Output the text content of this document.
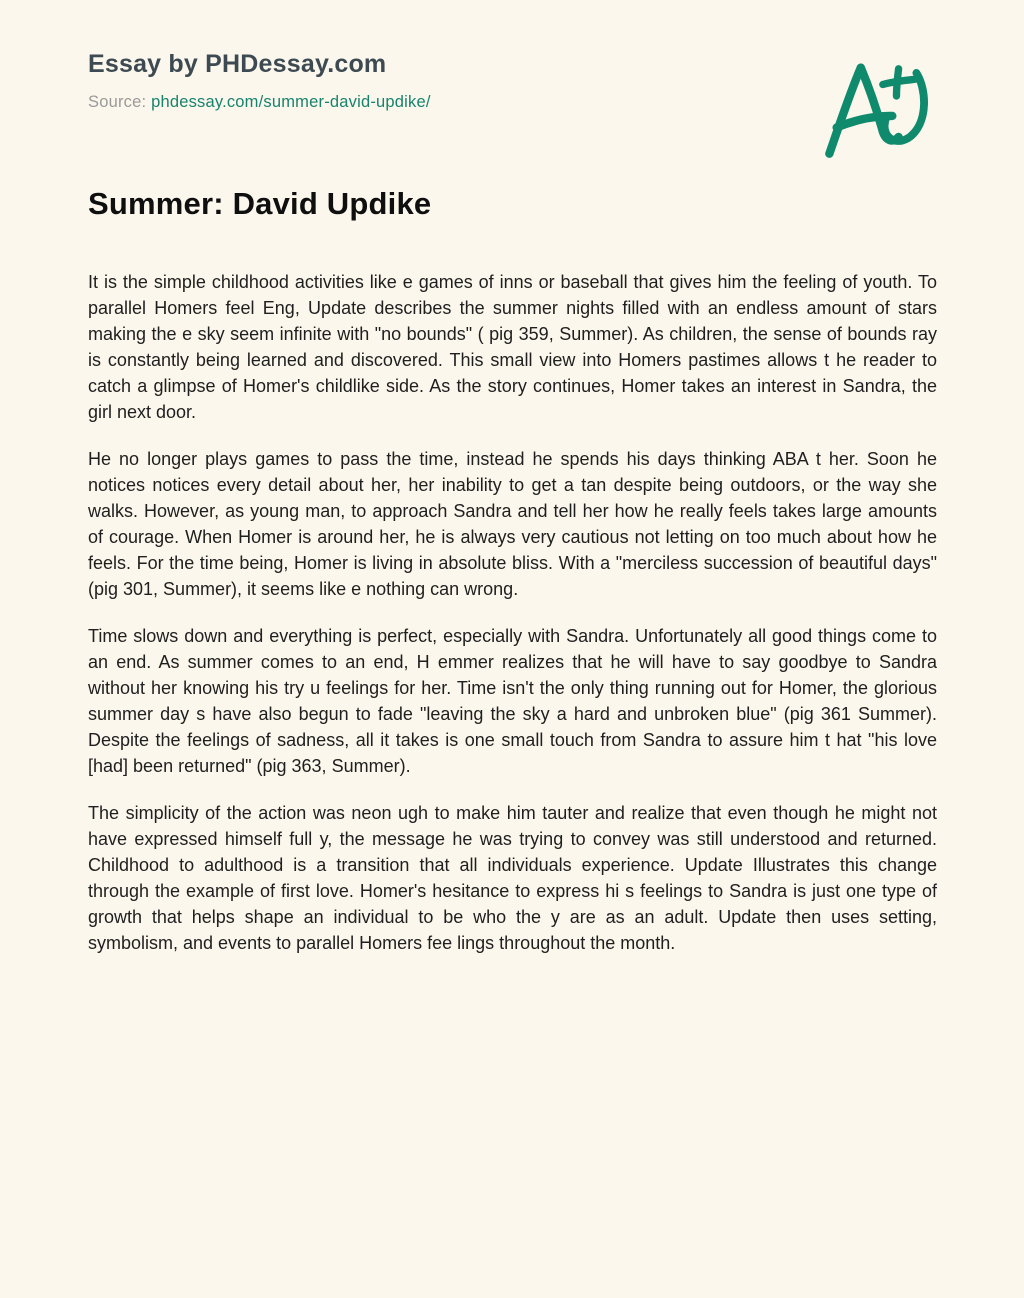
Essay by PHDessay.com
Source: phdessay.com/summer-david-updike/
Summer: David Updike

It is the simple childhood activities like e games of inns or baseball that gives him the feeling of youth. To parallel Homers feel Eng, Update describes the summer nights filled with an endless amount of stars making the e sky seem infinite with "no bounds" ( pig 359, Summer). As children, the sense of bounds ray is constantly being learned and discovered. This small view into Homers pastimes allows t he reader to catch a glimpse of Homer's childlike side. As the story continues, Homer takes an interest in Sandra, the girl next door.

He no longer plays games to pass the time, instead he spends his days thinking ABA t her. Soon he notices notices every detail about her, her inability to get a tan despite being outdoors, or the way she walks. However, as young man, to approach Sandra and tell her how he really feels takes large amounts of courage. When Homer is around her, he is always very cautious not letting on too much about how he feels. For the time being, Homer is living in absolute bliss. With a "merciless succession of beautiful days" (pig 301, Summer), it seems like e nothing can wrong.

Time slows down and everything is perfect, especially with Sandra. Unfortunately all good things come to an end. As summer comes to an end, H emmer realizes that he will have to say goodbye to Sandra without her knowing his try u feelings for her. Time isn't the only thing running out for Homer, the glorious summer day s have also begun to fade "leaving the sky a hard and unbroken blue" (pig 361 Summer). Despite the feelings of sadness, all it takes is one small touch from Sandra to assure him t hat "his love [had] been returned" (pig 363, Summer).

The simplicity of the action was neon ugh to make him tauter and realize that even though he might not have expressed himself full y, the message he was trying to convey was still understood and returned. Childhood to adulthood is a transition that all individuals experience. Update Illustrates this change through the example of first love. Homer's hesitance to express hi s feelings to Sandra is just one type of growth that helps shape an individual to be who the y are as an adult. Update then uses setting, symbolism, and events to parallel Homers fee lings throughout the month.
